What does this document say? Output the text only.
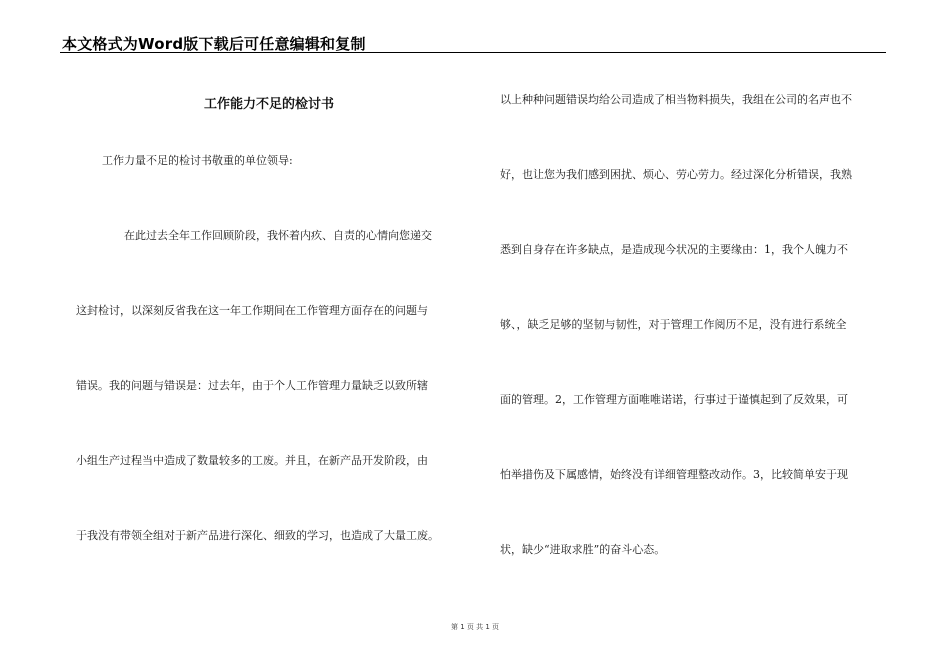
本文格式为Word版下载后可任意编辑和复制
工作能力不足的检讨书
工作力量不足的检讨书敬重的单位领导:
在此过去全年工作回顾阶段，我怀着内疚、自责的心情向您递交
这封检讨，以深刻反省我在这一年工作期间在工作管理方面存在的问题与
错误。我的问题与错误是：过去年，由于个人工作管理力量缺乏以致所辖
小组生产过程当中造成了数量较多的工废。并且，在新产品开发阶段，由
于我没有带领全组对于新产品进行深化、细致的学习，也造成了大量工废。
以上种种问题错误均给公司造成了相当物料损失，我组在公司的名声也不
好，也让您为我们感到困扰、烦心、劳心劳力。经过深化分析错误，我熟
悉到自身存在许多缺点，是造成现今状况的主要缘由：1，我个人魄力不
够、，缺乏足够的坚韧与韧性，对于管理工作阅历不足，没有进行系统全
面的管理。2，工作管理方面唯唯诺诺，行事过于谨慎起到了反效果，可
怕举措伤及下属感情，始终没有详细管理整改动作。3，比较简单安于现
状，缺少“进取求胜”的奋斗心态。
第 1 页 共 1 页
